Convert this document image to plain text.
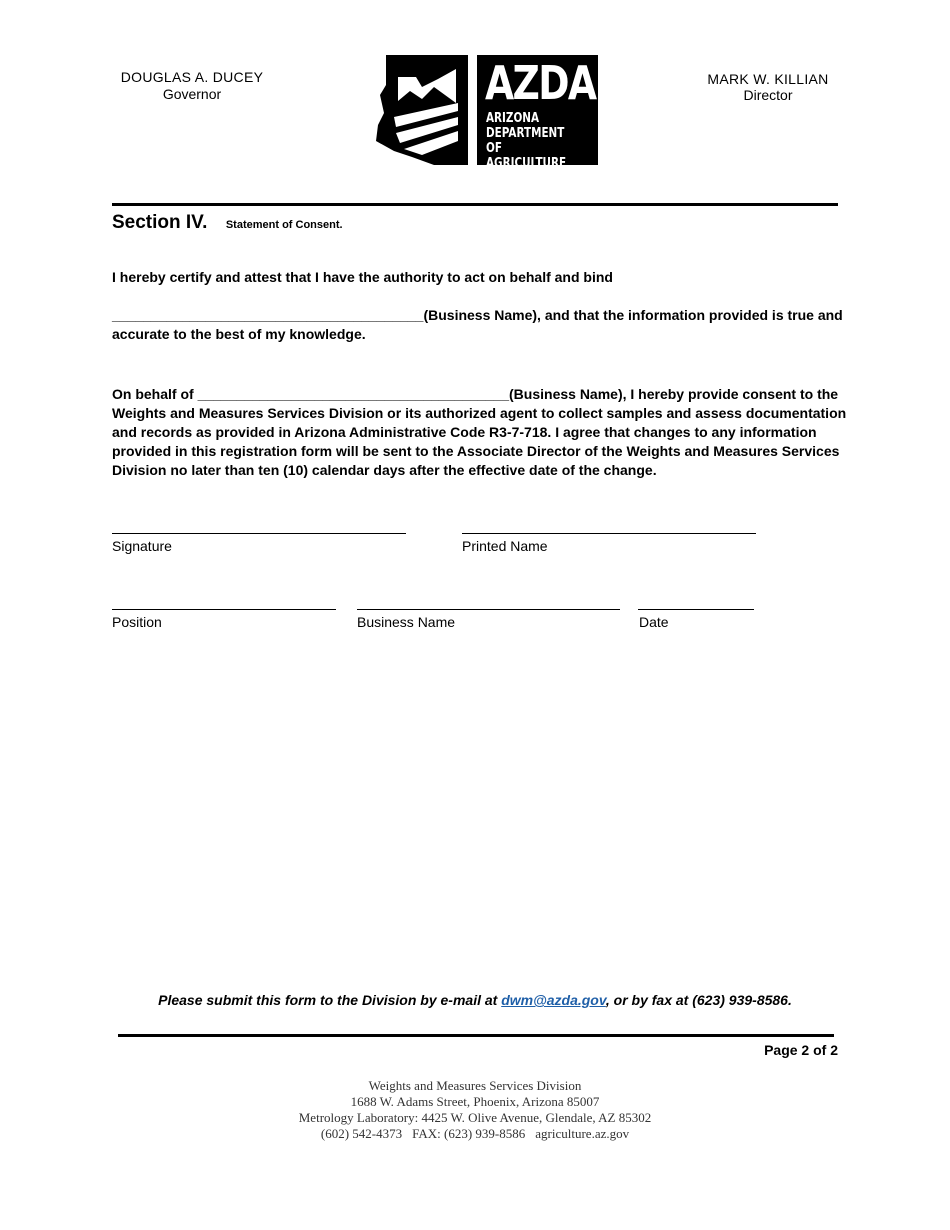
DOUGLAS A. DUCEY
Governor
MARK W. KILLIAN
Director
AZDA
ARIZONA
DEPARTMENT
OF AGRICULTURE
Section IV. Statement of Consent.
I hereby certify and attest that I have the authority to act on behalf and bind
________________________________________(Business Name), and that the information provided is true and
accurate to the best of my knowledge.
On behalf of ________________________________________(Business Name), I hereby provide consent to the
Weights and Measures Services Division or its authorized agent to collect samples and assess documentation
and records as provided in Arizona Administrative Code R3-7-718. I agree that changes to any information
provided in this registration form will be sent to the Associate Director of the Weights and Measures Services
Division no later than ten (10) calendar days after the effective date of the change.
Signature	Printed Name
Position	Business Name	Date
Please submit this form to the Division by e-mail at dwm@azda.gov, or by fax at (623) 939-8586.
Page 2 of 2
Weights and Measures Services Division
1688 W. Adams Street, Phoenix, Arizona 85007
Metrology Laboratory: 4425 W. Olive Avenue, Glendale, AZ 85302
(602) 542-4373 FAX: (623) 939-8586 agriculture.az.gov
